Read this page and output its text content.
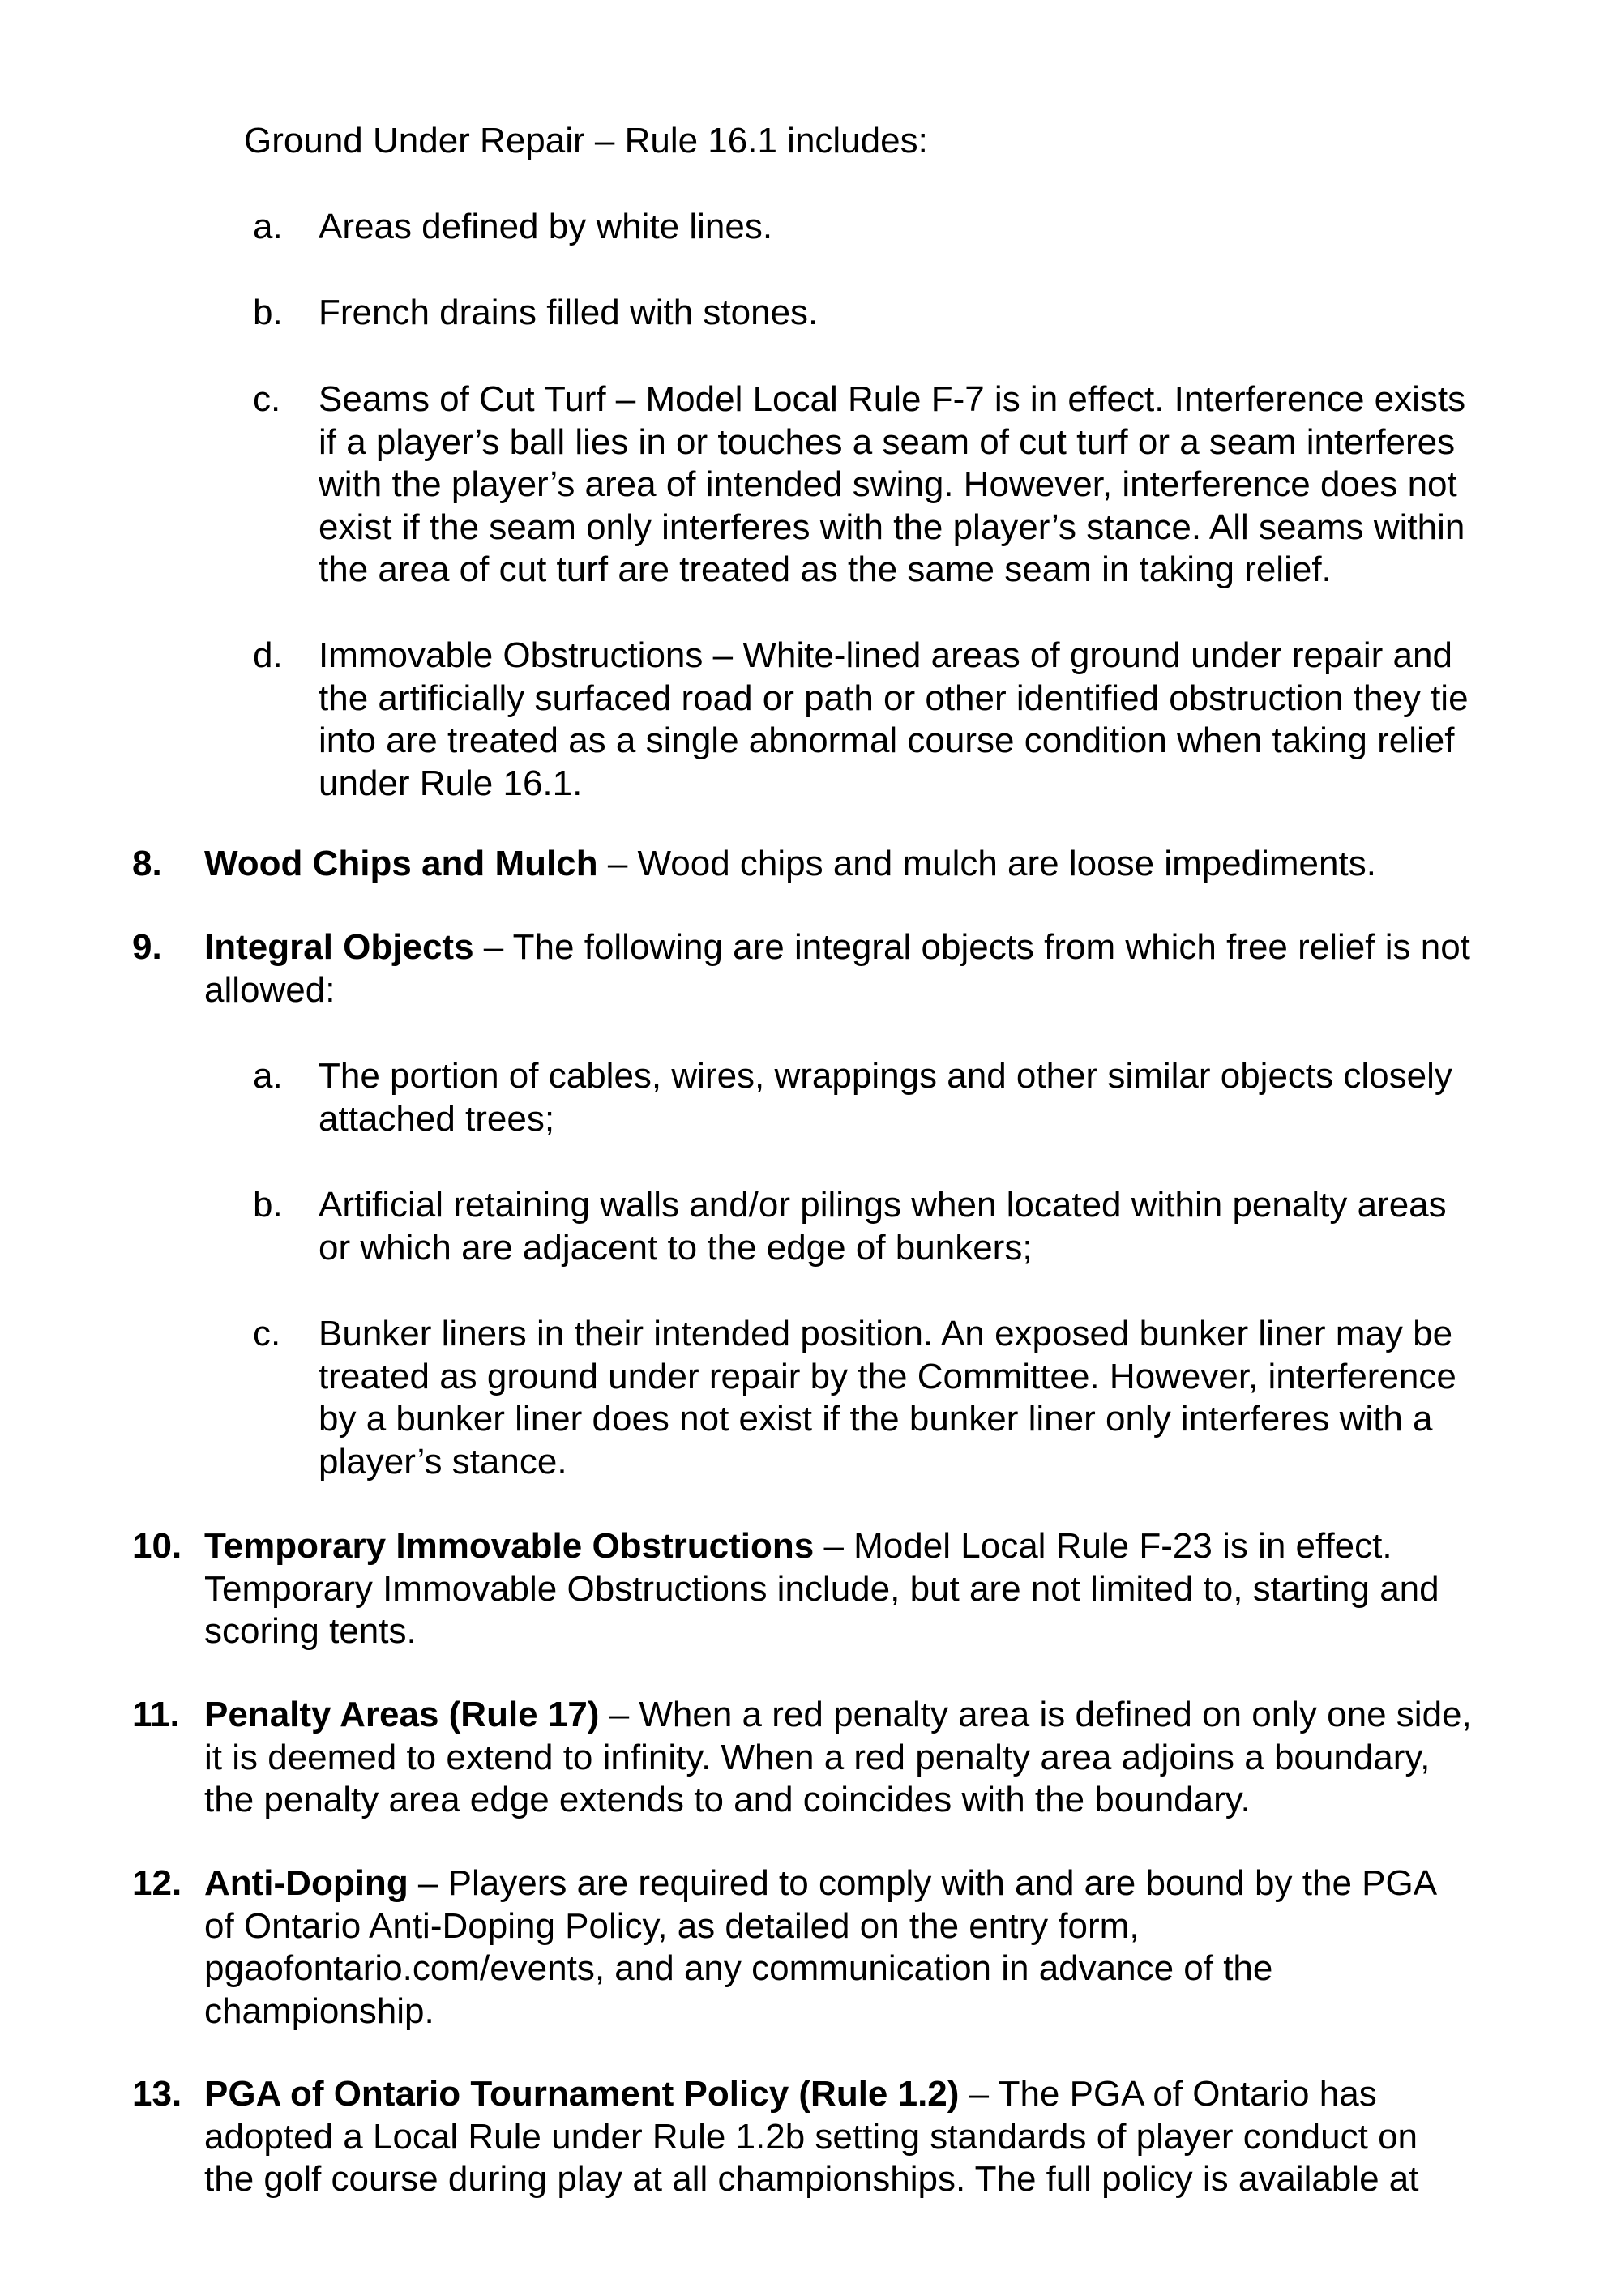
Ground Under Repair – Rule 16.1 includes:
a. Areas defined by white lines.
b. French drains filled with stones.
c. Seams of Cut Turf – Model Local Rule F-7 is in effect. Interference exists
if a player’s ball lies in or touches a seam of cut turf or a seam interferes
with the player’s area of intended swing. However, interference does not
exist if the seam only interferes with the player’s stance. All seams within
the area of cut turf are treated as the same seam in taking relief.
d. Immovable Obstructions – White-lined areas of ground under repair and
the artificially surfaced road or path or other identified obstruction they tie
into are treated as a single abnormal course condition when taking relief
under Rule 16.1.
8. Wood Chips and Mulch – Wood chips and mulch are loose impediments.
9. Integral Objects – The following are integral objects from which free relief is not
allowed:
a. The portion of cables, wires, wrappings and other similar objects closely
attached trees;
b. Artificial retaining walls and/or pilings when located within penalty areas
or which are adjacent to the edge of bunkers;
c. Bunker liners in their intended position. An exposed bunker liner may be
treated as ground under repair by the Committee. However, interference
by a bunker liner does not exist if the bunker liner only interferes with a
player’s stance.
10. Temporary Immovable Obstructions – Model Local Rule F-23 is in effect.
Temporary Immovable Obstructions include, but are not limited to, starting and
scoring tents.
11. Penalty Areas (Rule 17) – When a red penalty area is defined on only one side,
it is deemed to extend to infinity. When a red penalty area adjoins a boundary,
the penalty area edge extends to and coincides with the boundary.
12. Anti-Doping – Players are required to comply with and are bound by the PGA
of Ontario Anti-Doping Policy, as detailed on the entry form,
pgaofontario.com/events, and any communication in advance of the
championship.
13. PGA of Ontario Tournament Policy (Rule 1.2) – The PGA of Ontario has
adopted a Local Rule under Rule 1.2b setting standards of player conduct on
the golf course during play at all championships. The full policy is available at
